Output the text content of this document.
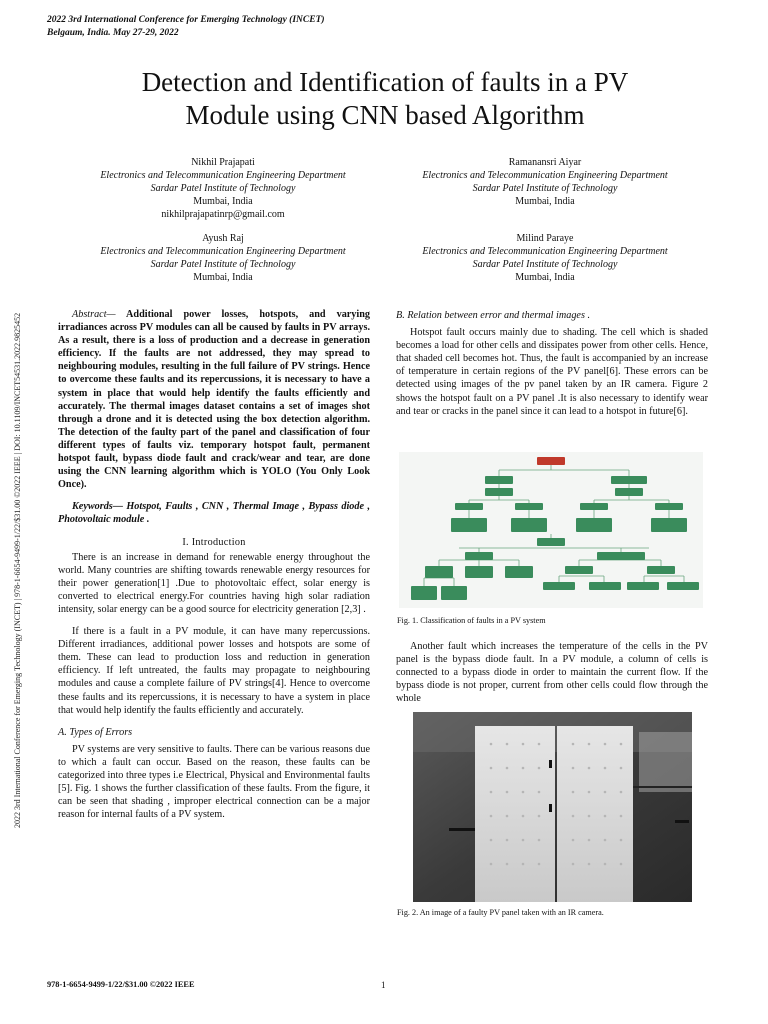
2022 3rd International Conference for Emerging Technology (INCET)
Belgaum, India. May 27-29, 2022
2022 3rd International Conference for Emerging Technology (INCET) | 978-1-6654-9499-1/22/$31.00 ©2022 IEEE | DOI: 10.1109/INCET54531.2022.9825452
Detection and Identification of faults in a PV
Module using CNN based Algorithm
Nikhil Prajapati
Electronics and Telecommunication Engineering Department
Sardar Patel Institute of Technology
Mumbai, India
nikhilprajapatinrp@gmail.com
Ramanansri Aiyar
Electronics and Telecommunication Engineering Department
Sardar Patel Institute of Technology
Mumbai, India
Ayush Raj
Electronics and Telecommunication Engineering Department
Sardar Patel Institute of Technology
Mumbai, India
Milind Paraye
Electronics and Telecommunication Engineering Department
Sardar Patel Institute of Technology
Mumbai, India

Abstract— Additional power losses, hotspots, and varying irradiances across PV modules can all be caused by faults in PV arrays. As a result, there is a loss of production and a decrease in generation efficiency. If the faults are not addressed, they may spread to neighbouring modules, resulting in the full failure of PV strings. Hence to overcome these faults and its repercussions, it is necessary to have a system in place that would help identify the faults efficiently and accurately. The thermal images dataset contains a set of images shot through a drone and it is detected using the box detection algorithm. The detection of the faulty part of the panel and classification of four different types of faults viz. temporary hotspot fault, permanent hotspot fault, bypass diode fault and crack/wear and tear, are done using the CNN learning algorithm which is YOLO (You Only Look Once).

Keywords— Hotspot, Faults , CNN , Thermal Image , Bypass diode , Photovoltaic module .

I. Introduction

There is an increase in demand for renewable energy throughout the world. Many countries are shifting towards renewable energy resources for their power generation[1] .Due to photovoltaic effect, solar energy is converted to electrical energy.For countries having high solar radiation intensity, solar energy can be a good source for electricity generation [2,3] .

If there is a fault in a PV module, it can have many repercussions. Different irradiances, additional power losses and hotspots are some of them. These can lead to production loss and reduction in generation efficiency. If left untreated, the faults may propagate to neighbouring modules and cause a complete failure of PV strings[4]. Hence to overcome these faults and its repercussions, it is necessary to have a system in place that would help identify the faults efficiently and accurately.

A. Types of Errors

PV systems are very sensitive to faults. There can be various reasons due to which a fault can occur. Based on the reason, these faults can be categorized into three types i.e Electrical, Physical and Environmental faults [5]. Fig. 1 shows the further classification of these faults. From the figure, it can be seen that shading , improper electrical connection can be a major reason for internal faults of a PV system.

B. Relation between error and thermal images .

Hotspot fault occurs mainly due to shading. The cell which is shaded becomes a load for other cells and dissipates power from other cells. Hence, that shaded cell becomes hot. Thus, the fault is accompanied by an increase of temperature in certain regions of the PV panel[6]. These errors can be detected using images of the pv panel taken by an IR camera. Figure 2 shows the hotspot fault on a PV panel .It is also necessary to identify wear and tear or cracks in the panel since it can lead to a hotspot in future[6].

Fig. 1. Classification of faults in a PV system

Another fault which increases the temperature of the cells in the PV panel is the bypass diode fault. In a PV module, a column of cells is connected to a bypass diode in order to maintain the current flow. If the bypass diode is not proper, current from other cells could flow through the whole

Fig. 2. An image of a faulty PV panel taken with an IR camera.
978-1-6654-9499-1/22/$31.00 ©2022 IEEE	1
